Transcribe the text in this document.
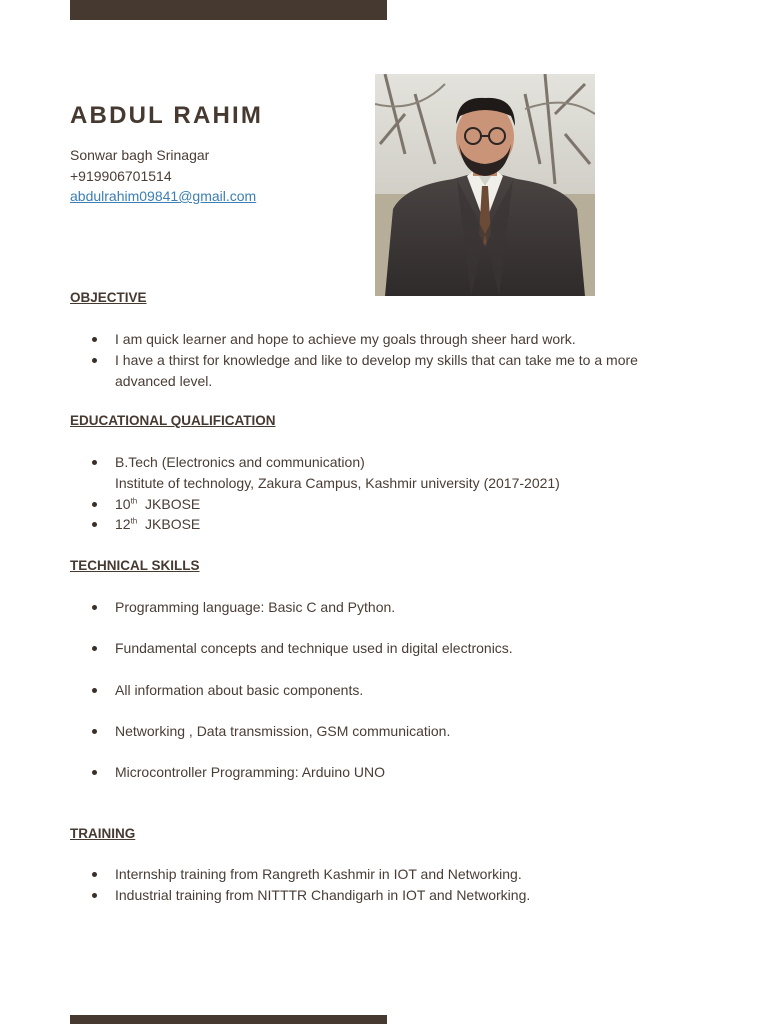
ABDUL RAHIM
Sonwar bagh Srinagar
+919906701514
abdulrahim09841@gmail.com
OBJECTIVE
I am quick learner and hope to achieve my goals through sheer hard work.
I have a thirst for knowledge and like to develop my skills that can take me to a more
advanced level.
EDUCATIONAL QUALIFICATION
B.Tech (Electronics and communication)
Institute of technology, Zakura Campus, Kashmir university (2017-2021)
10th JKBOSE
12th JKBOSE
TECHNICAL SKILLS
Programming language: Basic C and Python.
Fundamental concepts and technique used in digital electronics.
All information about basic components.
Networking , Data transmission, GSM communication.
Microcontroller Programming: Arduino UNO
TRAINING
Internship training from Rangreth Kashmir in IOT and Networking.
Industrial training from NITTTR Chandigarh in IOT and Networking.
